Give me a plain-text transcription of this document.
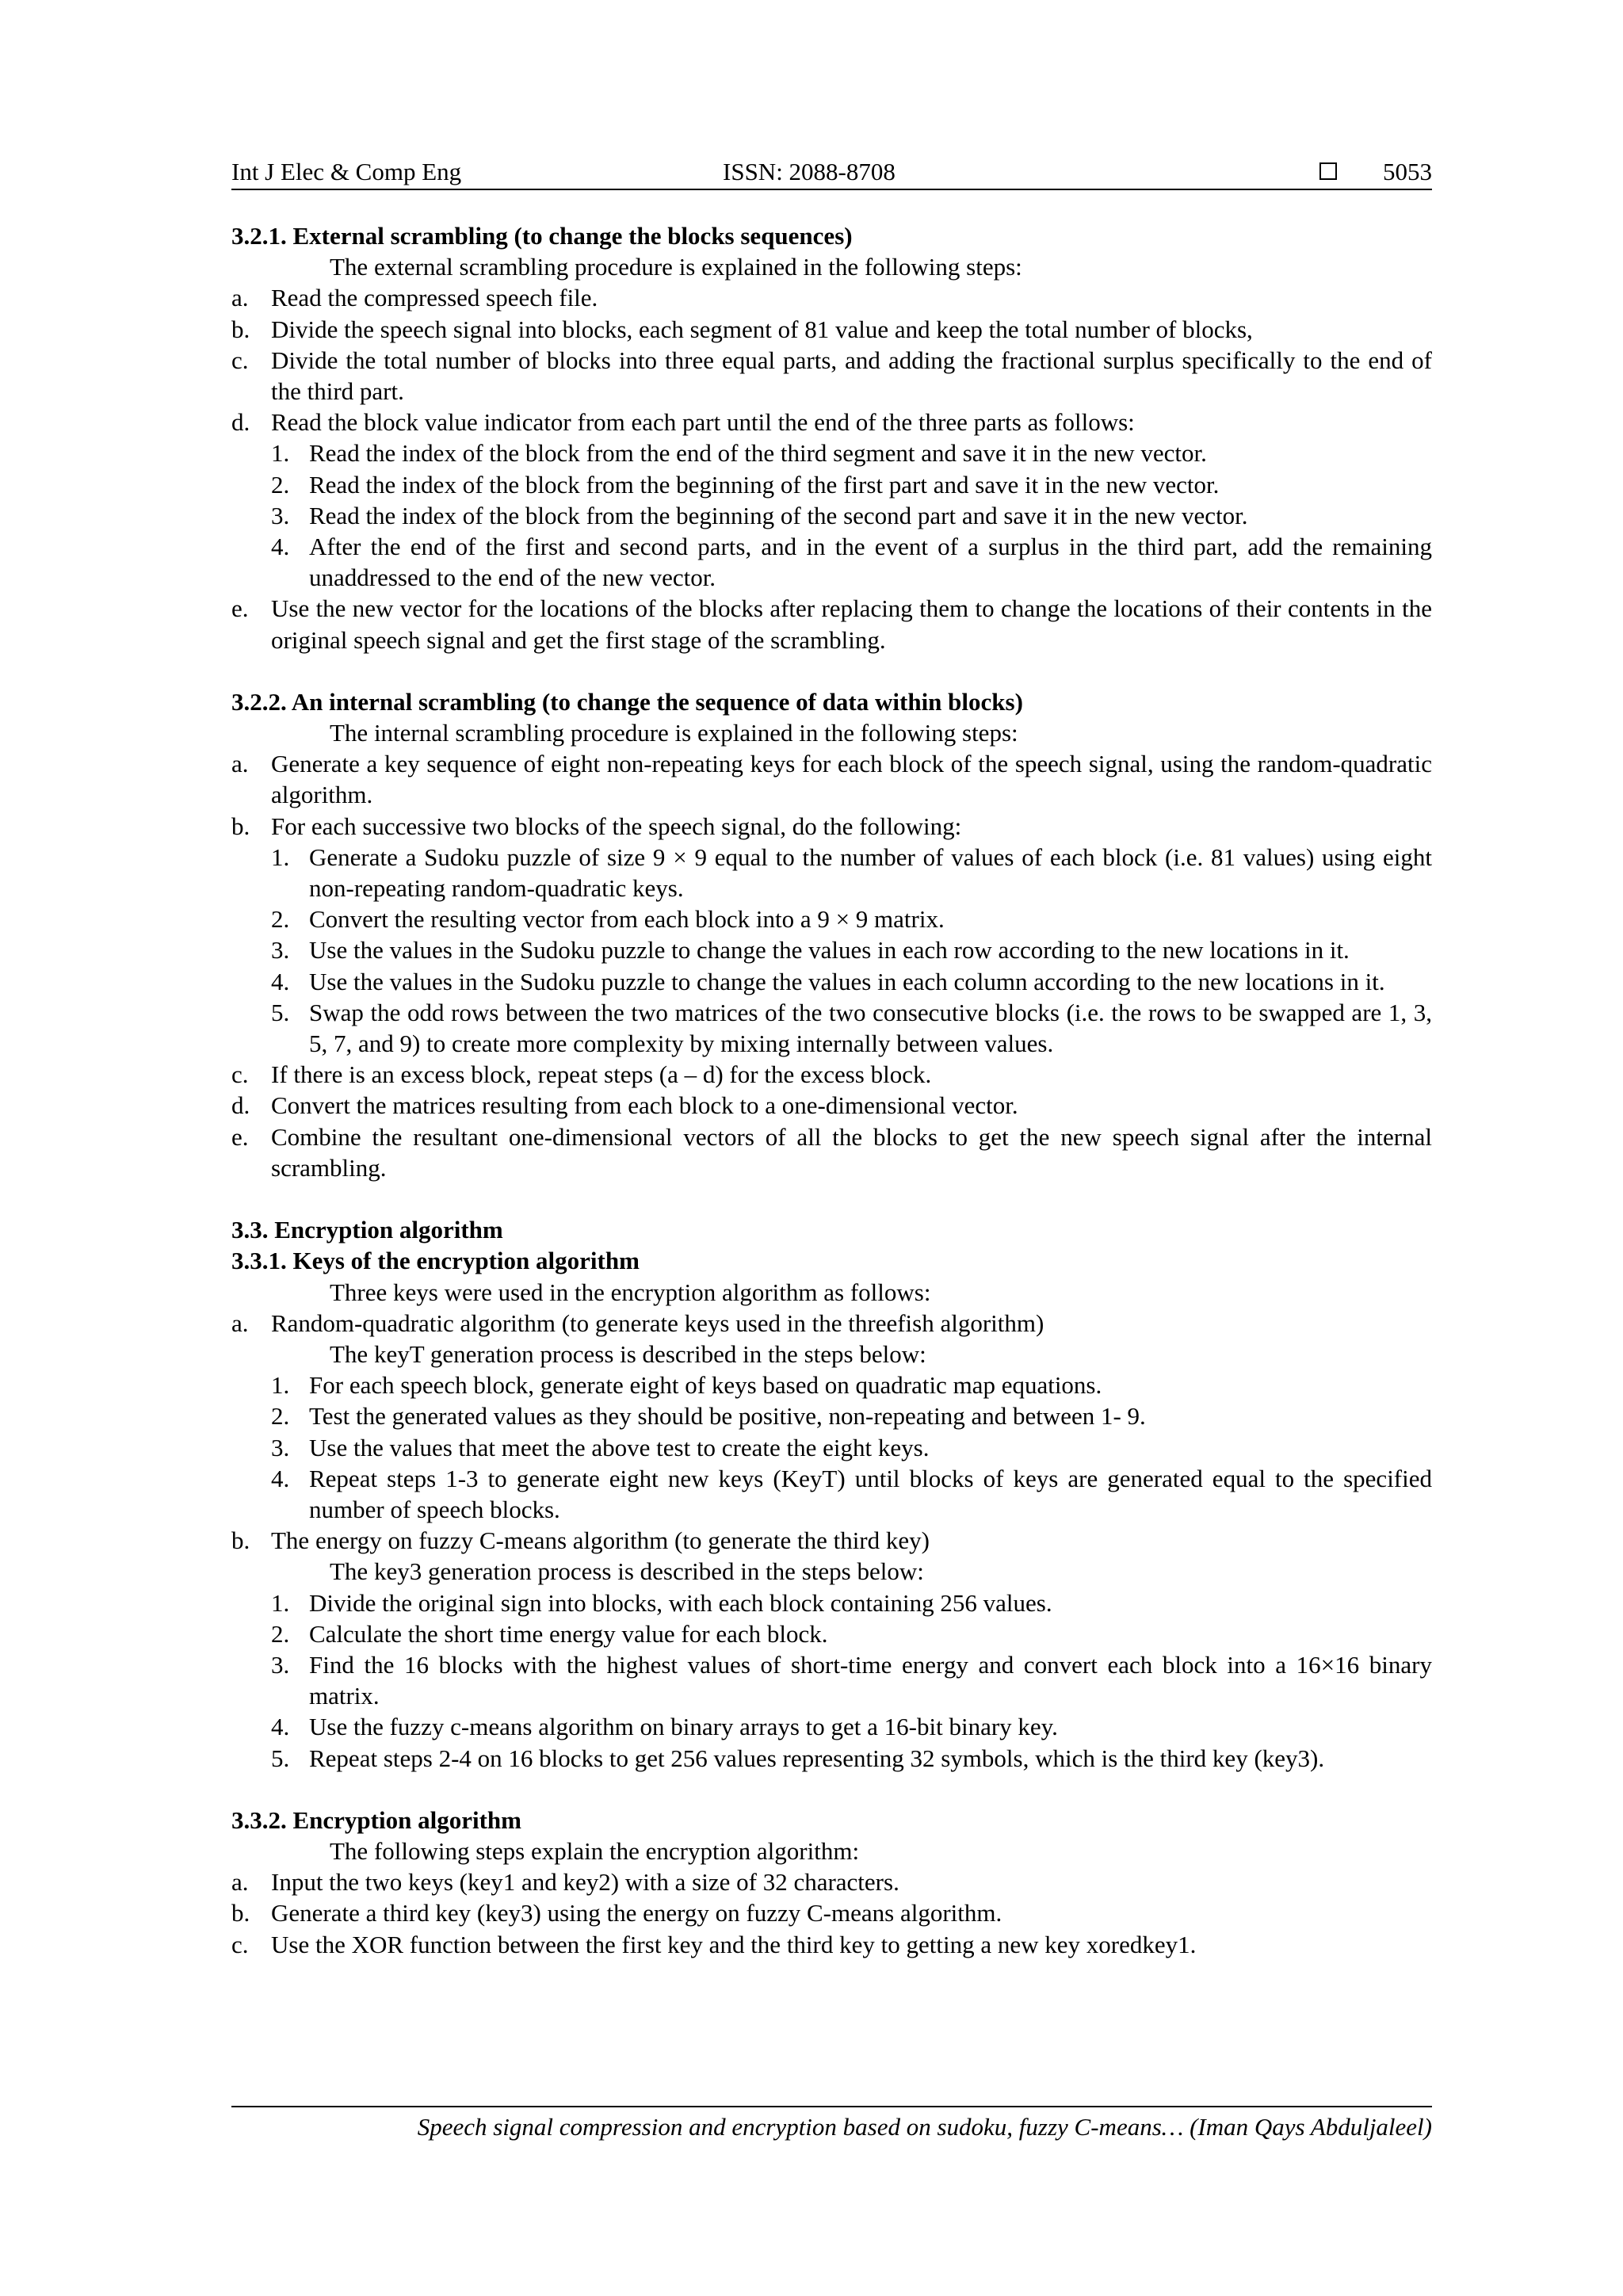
Int J Elec & Comp Eng	ISSN: 2088-8708	5053
3.2.1. External scrambling (to change the blocks sequences)

The external scrambling procedure is explained in the following steps:

a. Read the compressed speech file.
b. Divide the speech signal into blocks, each segment of 81 value and keep the total number of blocks,
c. Divide the total number of blocks into three equal parts, and adding the fractional surplus specifically to the end of the third part.
d. Read the block value indicator from each part until the end of the three parts as follows:
1. Read the index of the block from the end of the third segment and save it in the new vector.
2. Read the index of the block from the beginning of the first part and save it in the new vector.
3. Read the index of the block from the beginning of the second part and save it in the new vector.
4. After the end of the first and second parts, and in the event of a surplus in the third part, add the remaining unaddressed to the end of the new vector.
e. Use the new vector for the locations of the blocks after replacing them to change the locations of their contents in the original speech signal and get the first stage of the scrambling.
3.2.2. An internal scrambling (to change the sequence of data within blocks)

The internal scrambling procedure is explained in the following steps:

a. Generate a key sequence of eight non-repeating keys for each block of the speech signal, using the random-quadratic algorithm.
b. For each successive two blocks of the speech signal, do the following:
1. Generate a Sudoku puzzle of size 9 × 9 equal to the number of values of each block (i.e. 81 values) using eight non-repeating random-quadratic keys.
2. Convert the resulting vector from each block into a 9 × 9 matrix.
3. Use the values in the Sudoku puzzle to change the values in each row according to the new locations in it.
4. Use the values in the Sudoku puzzle to change the values in each column according to the new locations in it.
5. Swap the odd rows between the two matrices of the two consecutive blocks (i.e. the rows to be swapped are 1, 3, 5, 7, and 9) to create more complexity by mixing internally between values.
c. If there is an excess block, repeat steps (a – d) for the excess block.
d. Convert the matrices resulting from each block to a one-dimensional vector.
e. Combine the resultant one-dimensional vectors of all the blocks to get the new speech signal after the internal scrambling.
3.3. Encryption algorithm
3.3.1. Keys of the encryption algorithm

Three keys were used in the encryption algorithm as follows:

a. Random-quadratic algorithm (to generate keys used in the threefish algorithm)

The keyT generation process is described in the steps below:

1. For each speech block, generate eight of keys based on quadratic map equations.
2. Test the generated values as they should be positive, non-repeating and between 1- 9.
3. Use the values that meet the above test to create the eight keys.
4. Repeat steps 1-3 to generate eight new keys (KeyT) until blocks of keys are generated equal to the specified number of speech blocks.
b. The energy on fuzzy C-means algorithm (to generate the third key)

The key3 generation process is described in the steps below:

1. Divide the original sign into blocks, with each block containing 256 values.
2. Calculate the short time energy value for each block.
3. Find the 16 blocks with the highest values of short-time energy and convert each block into a 16×16 binary matrix.
4. Use the fuzzy c-means algorithm on binary arrays to get a 16-bit binary key.
5. Repeat steps 2-4 on 16 blocks to get 256 values representing 32 symbols, which is the third key (key3).
3.3.2. Encryption algorithm

The following steps explain the encryption algorithm:

a. Input the two keys (key1 and key2) with a size of 32 characters.
b. Generate a third key (key3) using the energy on fuzzy C-means algorithm.
c. Use the XOR function between the first key and the third key to getting a new key xoredkey1.
Speech signal compression and encryption based on sudoku, fuzzy C-means… (Iman Qays Abduljaleel)
